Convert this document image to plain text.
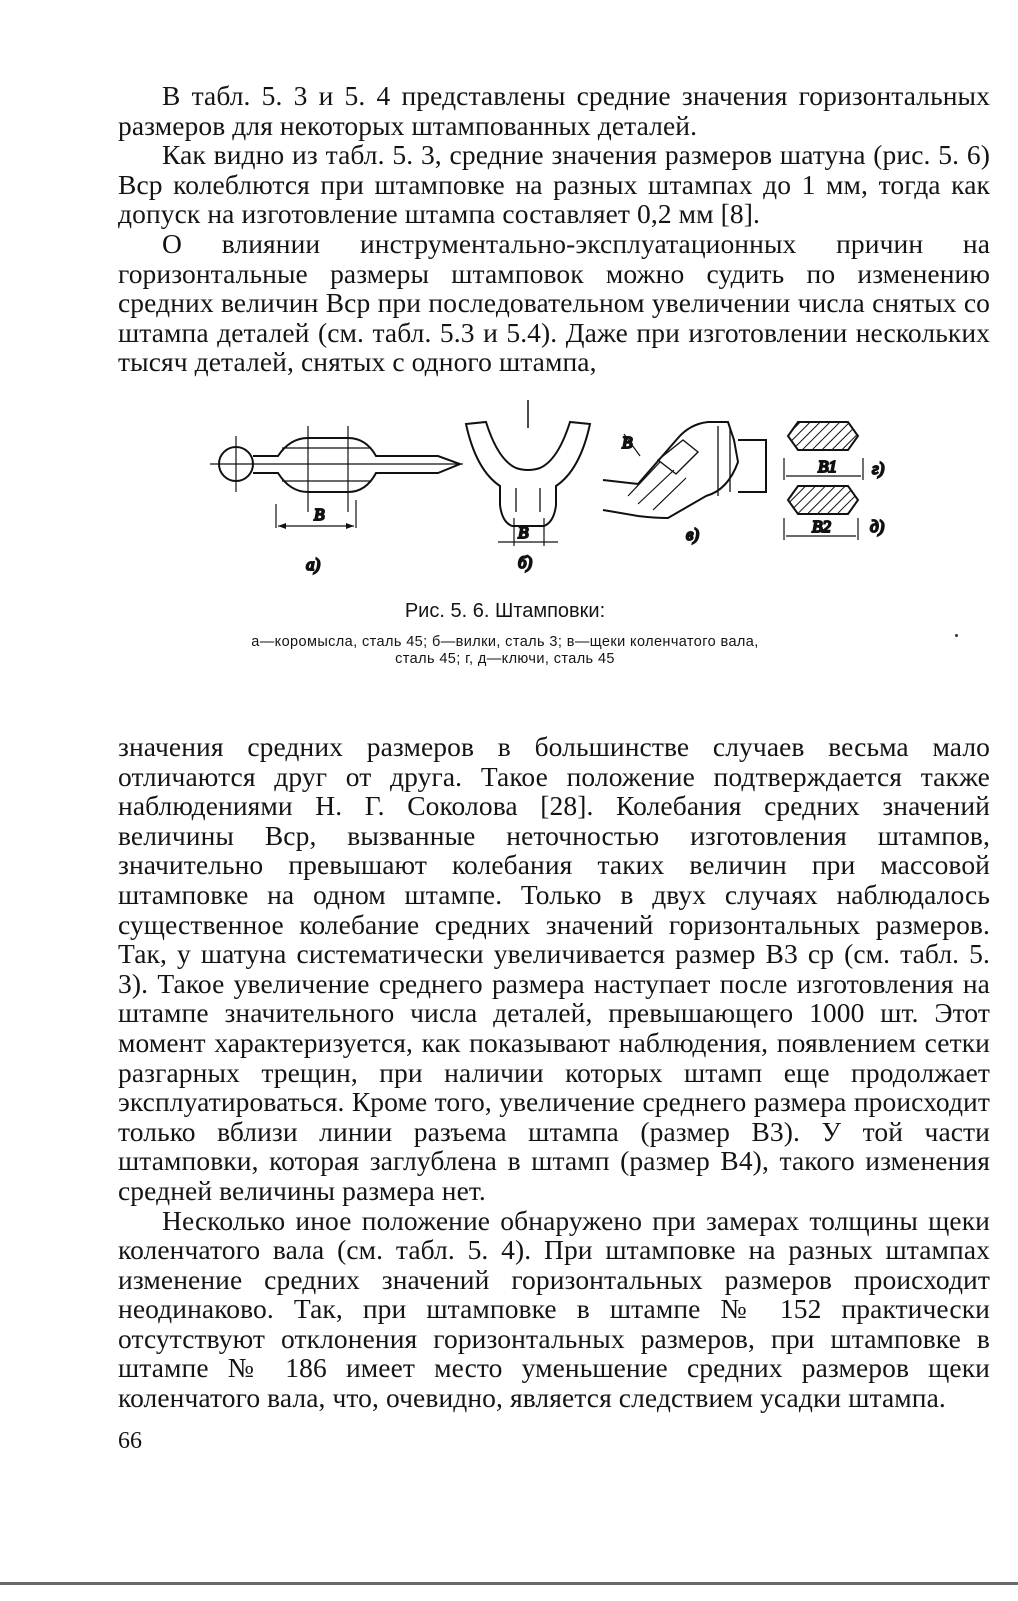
В табл. 5. 3 и 5. 4 представлены средние значения горизонтальных размеров для некоторых штампованных деталей.

Как видно из табл. 5. 3, средние значения размеров шатуна (рис. 5. 6) Bср колеблются при штамповке на разных штампах до 1 мм, тогда как допуск на изготовление штампа составляет 0,2 мм [8].

О влиянии инструментально-эксплуатационных причин на горизонтальные размеры штамповок можно судить по изменению средних величин Bср при последовательном увеличении числа снятых со штампа деталей (см. табл. 5.3 и 5.4). Даже при изготовлении нескольких тысяч деталей, снятых с одного штампа,

B
а)
B
б)
B
в)
B1 г)
B2 д)
Рис. 5. 6. Штамповки:
а—коромысла, сталь 45; б—вилки, сталь 3; в—щеки коленчатого вала,
сталь 45; г, д—ключи, сталь 45

значения средних размеров в большинстве случаев весьма мало отличаются друг от друга. Такое положение подтверждается также наблюдениями Н. Г. Соколова [28]. Колебания средних значений величины Bср, вызванные неточностью изготовления штампов, значительно превышают колебания таких величин при массовой штамповке на одном штампе. Только в двух случаях наблюдалось существенное колебание средних значений горизонтальных размеров. Так, у шатуна систематически увеличивается размер B3 ср (см. табл. 5. 3). Такое увеличение среднего размера наступает после изготовления на штампе значительного числа деталей, превышающего 1000 шт. Этот момент характеризуется, как показывают наблюдения, появлением сетки разгарных трещин, при наличии которых штамп еще продолжает эксплуатироваться. Кроме того, увеличение среднего размера происходит только вблизи линии разъема штампа (размер B3). У той части штамповки, которая заглублена в штамп (размер B4), такого изменения средней величины размера нет.

Несколько иное положение обнаружено при замерах толщины щеки коленчатого вала (см. табл. 5. 4). При штамповке на разных штампах изменение средних значений горизонтальных размеров происходит неодинаково. Так, при штамповке в штампе № 152 практически отсутствуют отклонения горизонтальных размеров, при штамповке в штампе № 186 имеет место уменьшение средних размеров щеки коленчатого вала, что, очевидно, является следствием усадки штампа.

66
